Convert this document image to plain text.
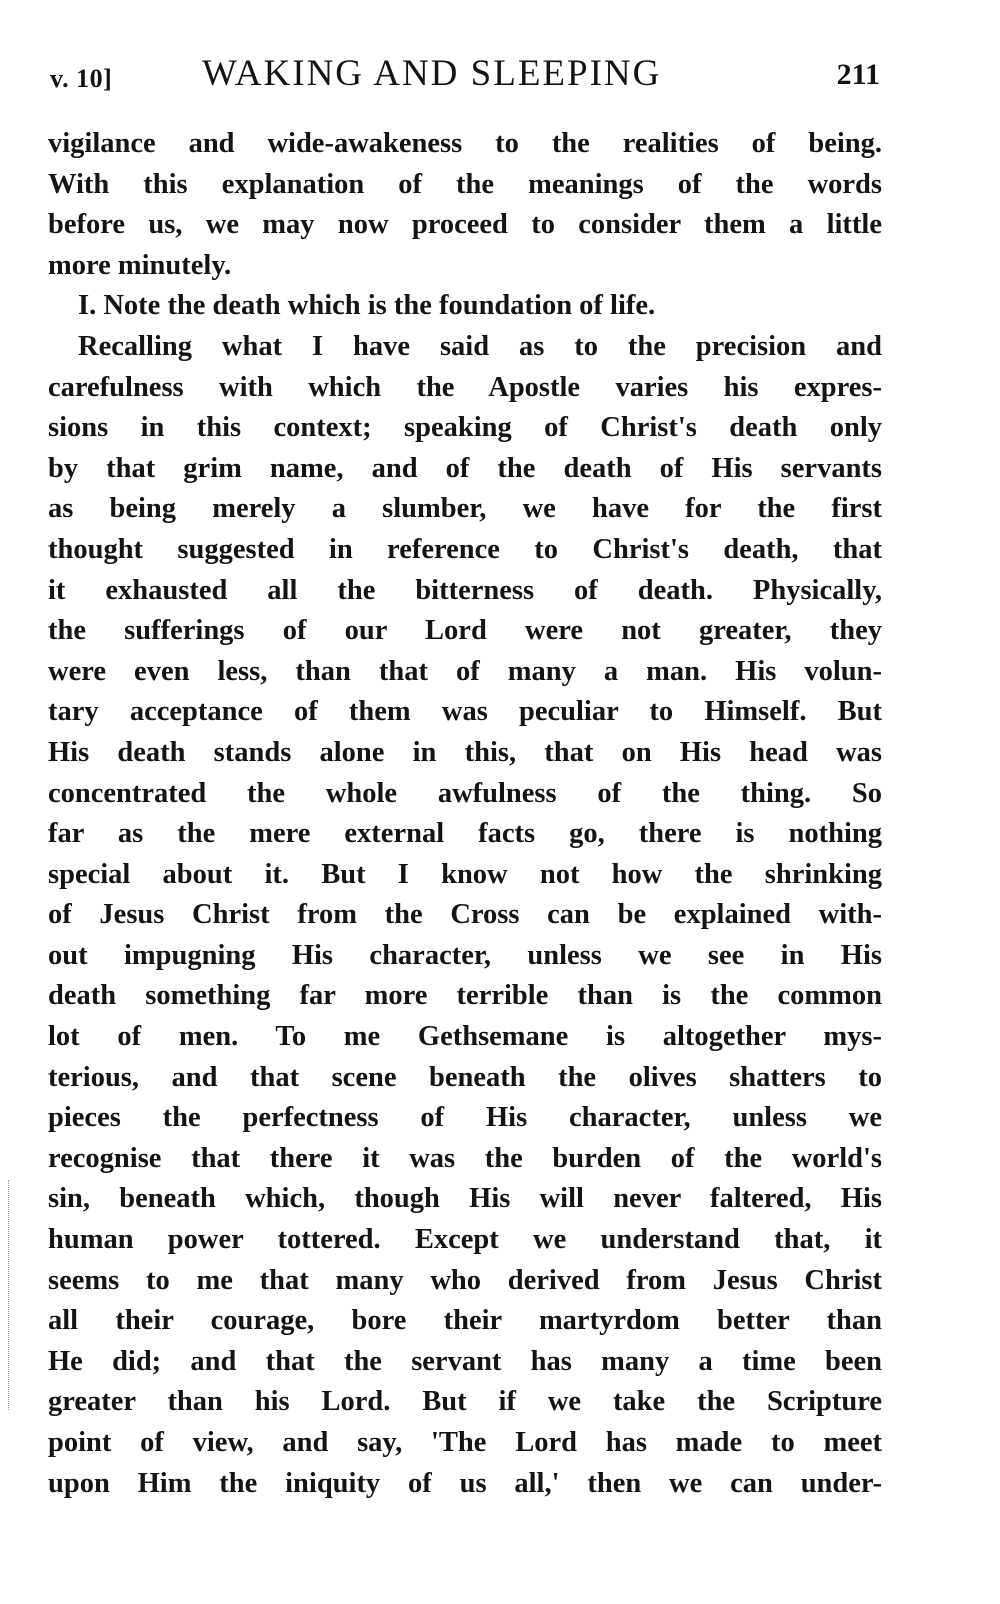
v. 10] WAKING AND SLEEPING	211
vigilance and wide-awakeness to the realities of being.
With this explanation of the meanings of the words
before us, we may now proceed to consider them a little
more minutely.
I. Note the death which is the foundation of life.
Recalling what I have said as to the precision and
carefulness with which the Apostle varies his expres-
sions in this context; speaking of Christ's death only
by that grim name, and of the death of His servants
as being merely a slumber, we have for the first
thought suggested in reference to Christ's death, that
it exhausted all the bitterness of death. Physically,
the sufferings of our Lord were not greater, they
were even less, than that of many a man. His volun-
tary acceptance of them was peculiar to Himself. But
His death stands alone in this, that on His head was
concentrated the whole awfulness of the thing. So
far as the mere external facts go, there is nothing
special about it. But I know not how the shrinking
of Jesus Christ from the Cross can be explained with-
out impugning His character, unless we see in His
death something far more terrible than is the common
lot of men. To me Gethsemane is altogether mys-
terious, and that scene beneath the olives shatters to
pieces the perfectness of His character, unless we
recognise that there it was the burden of the world's
sin, beneath which, though His will never faltered, His
human power tottered. Except we understand that, it
seems to me that many who derived from Jesus Christ
all their courage, bore their martyrdom better than
He did; and that the servant has many a time been
greater than his Lord. But if we take the Scripture
point of view, and say, 'The Lord has made to meet
upon Him the iniquity of us all,' then we can under-
